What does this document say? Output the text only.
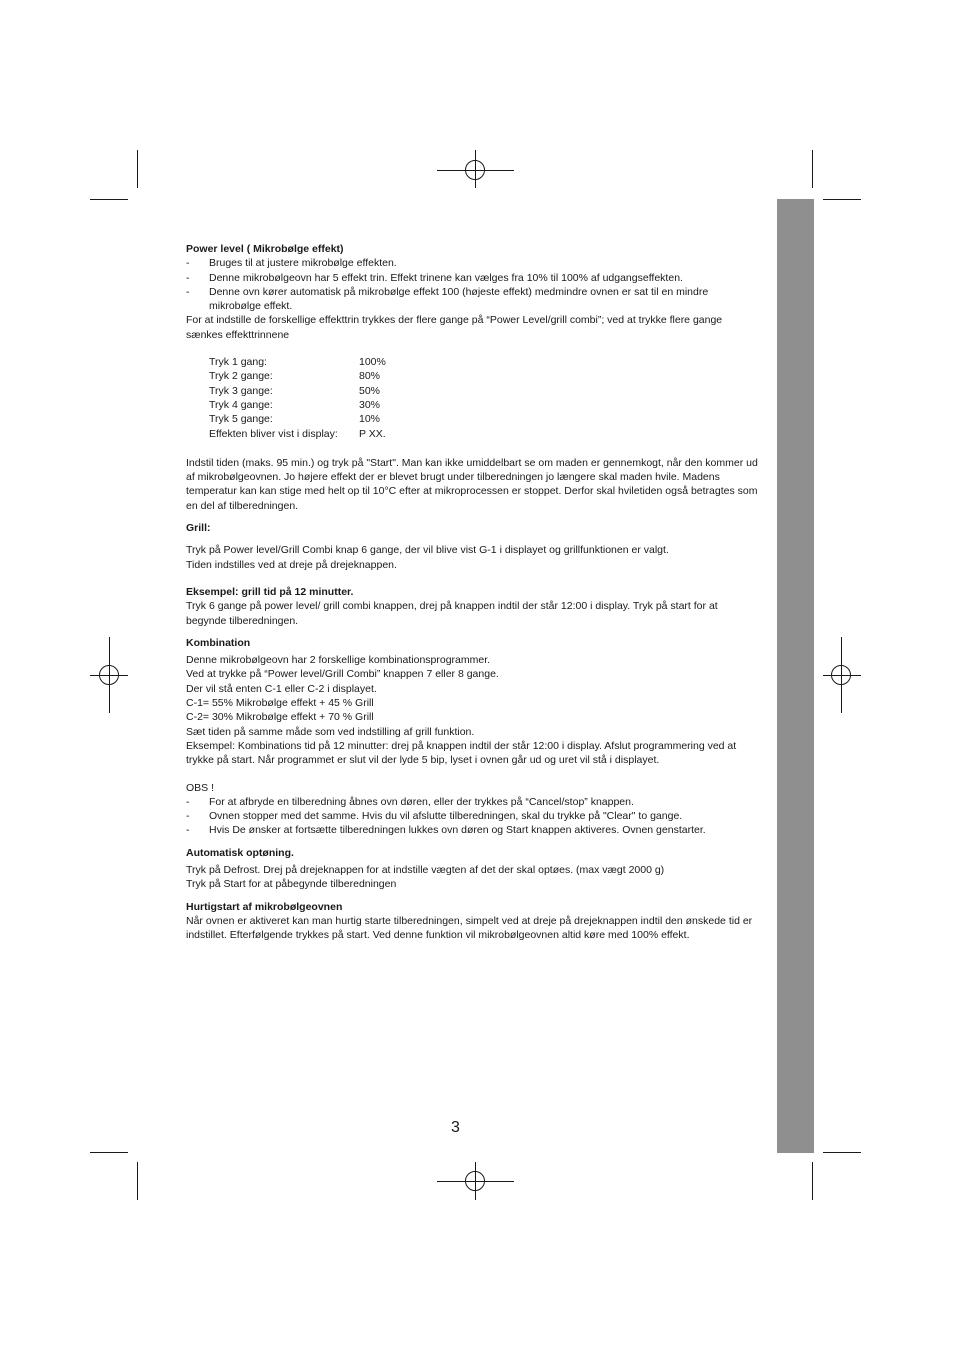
Power level ( Mikrobølge effekt)

-	Bruges til at justere mikrobølge effekten.
-	Denne mikrobølgeovn har 5 effekt trin. Effekt trinene kan vælges fra 10% til 100% af udgangseffekten.
-	Denne ovn kører automatisk på mikrobølge effekt 100 (højeste effekt) medmindre ovnen er sat til en mindre mikrobølge effekt.

For at indstille de forskellige effekttrin trykkes der flere gange på “Power Level/grill combi”; ved at trykke flere gange sænkes effekttrinnene

Tryk 1 gang:	100%
Tryk 2 gange:	80%
Tryk 3 gange:	50%
Tryk 4 gange:	30%
Tryk 5 gange:	10%
Effekten bliver vist i display:	P XX.

Indstil tiden (maks. 95 min.) og tryk på "Start". Man kan ikke umiddelbart se om maden er gennemkogt, når den kommer ud af mikrobølgeovnen. Jo højere effekt der er blevet brugt under tilberedningen jo længere skal maden hvile. Madens temperatur kan kan stige med helt op til 10°C efter at mikroprocessen er stoppet. Derfor skal hviletiden også betragtes som en del af tilberedningen.

Grill:

Tryk på Power level/Grill Combi knap 6 gange, der vil blive vist G-1 i displayet og grillfunktionen er valgt.

Tiden indstilles ved at dreje på drejeknappen.

Eksempel: grill tid på 12 minutter.

Tryk 6 gange på power level/ grill combi knappen, drej på knappen indtil der står 12:00 i display. Tryk på start for at begynde tilberedningen.

Kombination

Denne mikrobølgeovn har 2 forskellige kombinationsprogrammer.

Ved at trykke på “Power level/Grill Combi” knappen 7 eller 8 gange.

Der vil stå enten C-1 eller C-2 i displayet.

C-1= 55% Mikrobølge effekt + 45 % Grill

C-2= 30% Mikrobølge effekt + 70 % Grill

Sæt tiden på samme måde som ved indstilling af grill funktion.

Eksempel: Kombinations tid på 12 minutter: drej på knappen indtil der står 12:00 i display. Afslut programmering ved at trykke på start. Når programmet er slut vil der lyde 5 bip, lyset i ovnen går ud og uret vil stå i displayet.

OBS !

-	For at afbryde en tilberedning åbnes ovn døren, eller der trykkes på “Cancel/stop” knappen.
-	Ovnen stopper med det samme. Hvis du vil afslutte tilberedningen, skal du trykke på "Clear" to gange.
-	Hvis De ønsker at fortsætte tilberedningen lukkes ovn døren og Start knappen aktiveres. Ovnen genstarter.

Automatisk optøning.

Tryk på Defrost. Drej på drejeknappen for at indstille vægten af det der skal optøes. (max vægt 2000 g)

Tryk på Start for at påbegynde tilberedningen

Hurtigstart af mikrobølgeovnen

Når ovnen er aktiveret kan man hurtig starte tilberedningen, simpelt ved at dreje på drejeknappen indtil den ønskede tid er indstillet. Efterfølgende trykkes på start. Ved denne funktion vil mikrobølgeovnen altid køre med 100% effekt.

3
